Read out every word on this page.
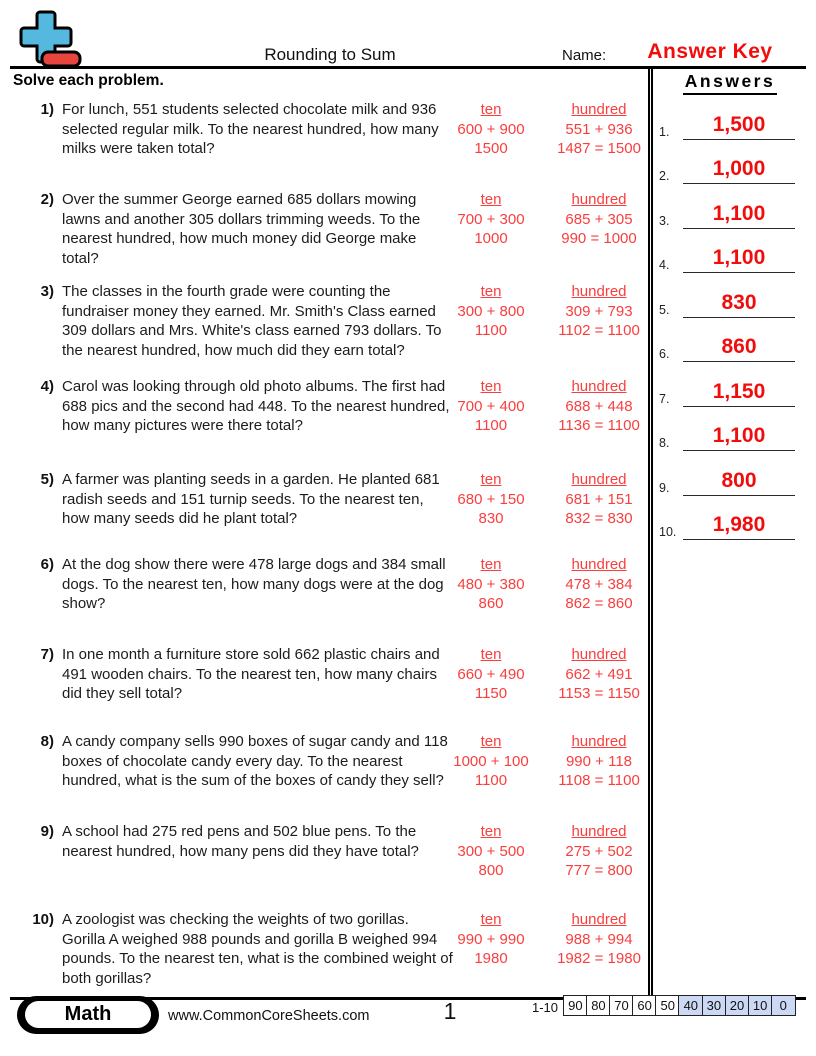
Rounding to Sum	Name:	Answer Key
Solve each problem.
1) For lunch, 551 students selected chocolate milk and 936 selected regular milk. To the nearest hundred, how many milks were taken total?
ten
600 + 900
1500
hundred
551 + 936
1487 = 1500
2) Over the summer George earned 685 dollars mowing lawns and another 305 dollars trimming weeds. To the nearest hundred, how much money did George make total?
ten
700 + 300
1000
hundred
685 + 305
990 = 1000
3) The classes in the fourth grade were counting the fundraiser money they earned. Mr. Smith's Class earned 309 dollars and Mrs. White's class earned 793 dollars. To the nearest hundred, how much did they earn total?
ten
300 + 800
1100
hundred
309 + 793
1102 = 1100
4) Carol was looking through old photo albums. The first had 688 pics and the second had 448. To the nearest hundred, how many pictures were there total?
ten
700 + 400
1100
hundred
688 + 448
1136 = 1100
5) A farmer was planting seeds in a garden. He planted 681 radish seeds and 151 turnip seeds. To the nearest ten, how many seeds did he plant total?
ten
680 + 150
830
hundred
681 + 151
832 = 830
6) At the dog show there were 478 large dogs and 384 small dogs. To the nearest ten, how many dogs were at the dog show?
ten
480 + 380
860
hundred
478 + 384
862 = 860
7) In one month a furniture store sold 662 plastic chairs and 491 wooden chairs. To the nearest ten, how many chairs did they sell total?
ten
660 + 490
1150
hundred
662 + 491
1153 = 1150
8) A candy company sells 990 boxes of sugar candy and 118 boxes of chocolate candy every day. To the nearest hundred, what is the sum of the boxes of candy they sell?
ten
1000 + 100
1100
hundred
990 + 118
1108 = 1100
9) A school had 275 red pens and 502 blue pens. To the nearest hundred, how many pens did they have total?
ten
300 + 500
800
hundred
275 + 502
777 = 800
10) A zoologist was checking the weights of two gorillas. Gorilla A weighed 988 pounds and gorilla B weighed 994 pounds. To the nearest ten, what is the combined weight of both gorillas?
ten
990 + 990
1980
hundred
988 + 994
1982 = 1980
Answers
1.	1,500
2.	1,000
3.	1,100
4.	1,100
5.	830
6.	860
7.	1,150
8.	1,100
9.	800
10.	1,980
Math	www.CommonCoreSheets.com	1	1-10 90 80 70 60 50 40 30 20 10 0
